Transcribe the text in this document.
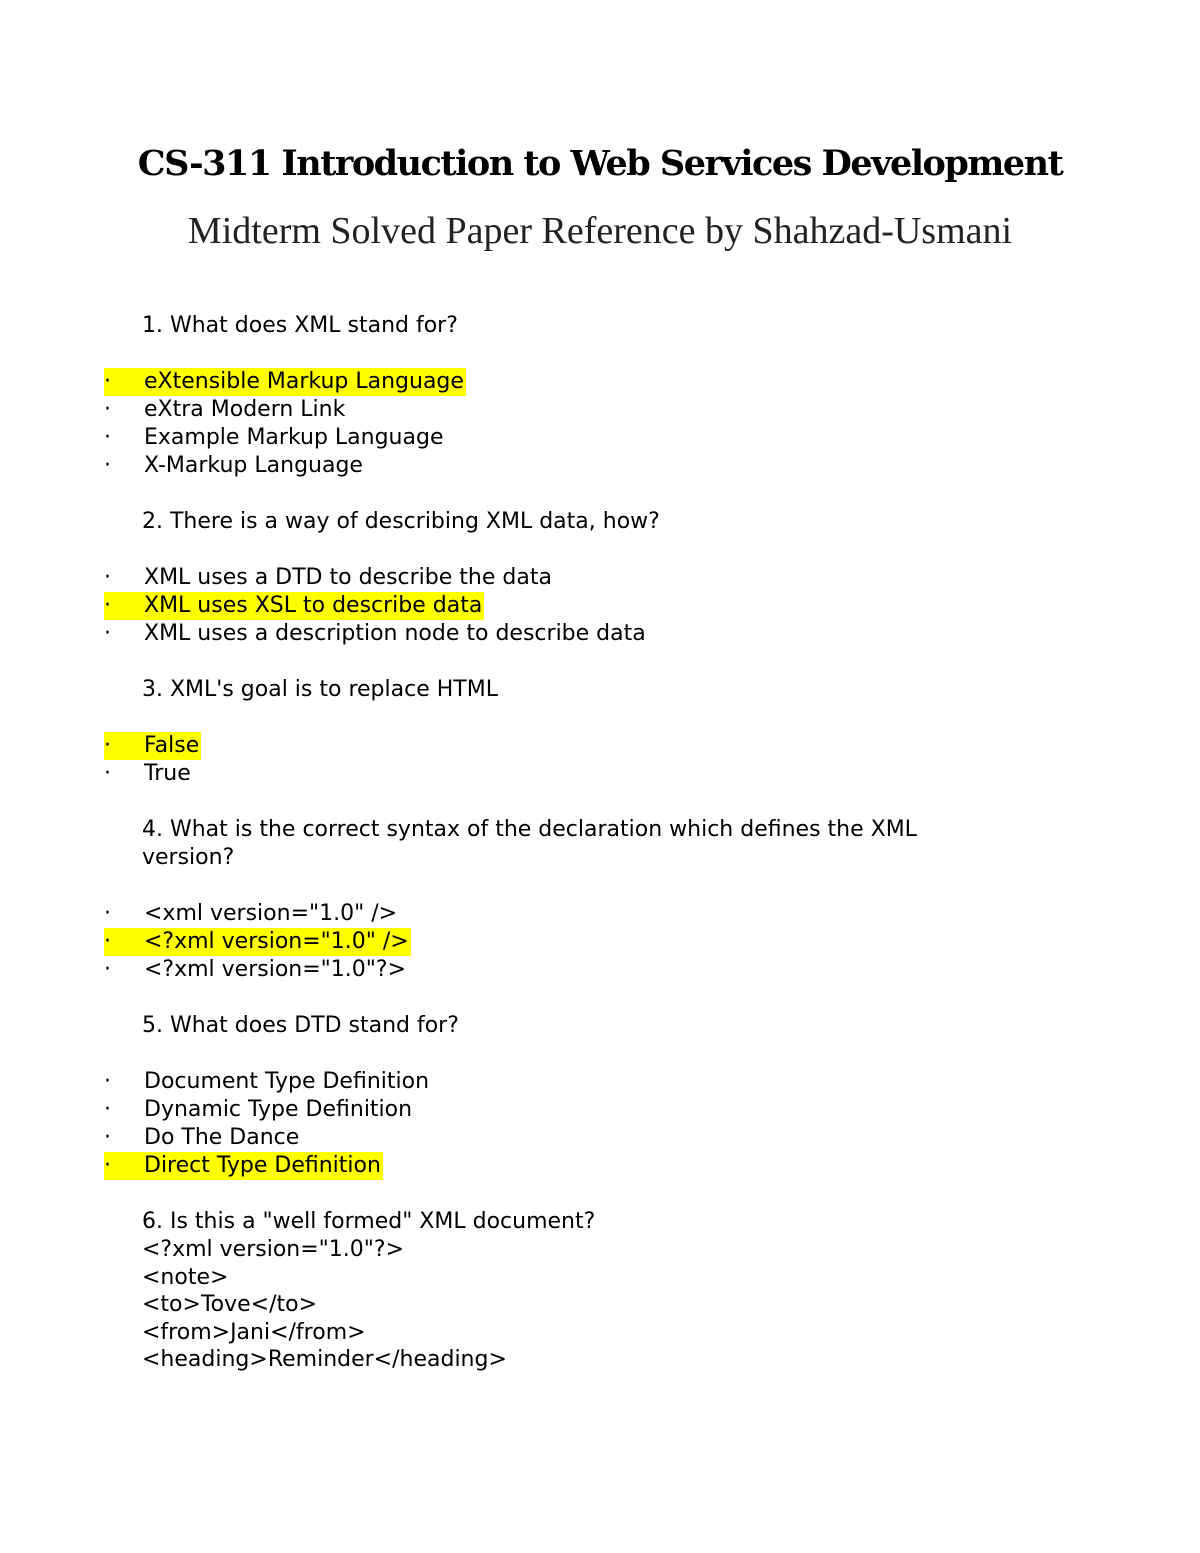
CS-311 Introduction to Web Services Development
Midterm Solved Paper Reference by Shahzad-Usmani
1. What does XML stand for?
· eXtensible Markup Language
· eXtra Modern Link
· Example Markup Language
· X-Markup Language
2. There is a way of describing XML data, how?
· XML uses a DTD to describe the data
· XML uses XSL to describe data
· XML uses a description node to describe data
3. XML's goal is to replace HTML
· False
· True
4. What is the correct syntax of the declaration which defines the XML version?
· <xml version="1.0" />
· <?xml version="1.0" />
· <?xml version="1.0"?>
5. What does DTD stand for?
· Document Type Definition
· Dynamic Type Definition
· Do The Dance
· Direct Type Definition
6. Is this a "well formed" XML document?
<?xml version="1.0"?>
<note>
<to>Tove</to>
<from>Jani</from>
<heading>Reminder</heading>
